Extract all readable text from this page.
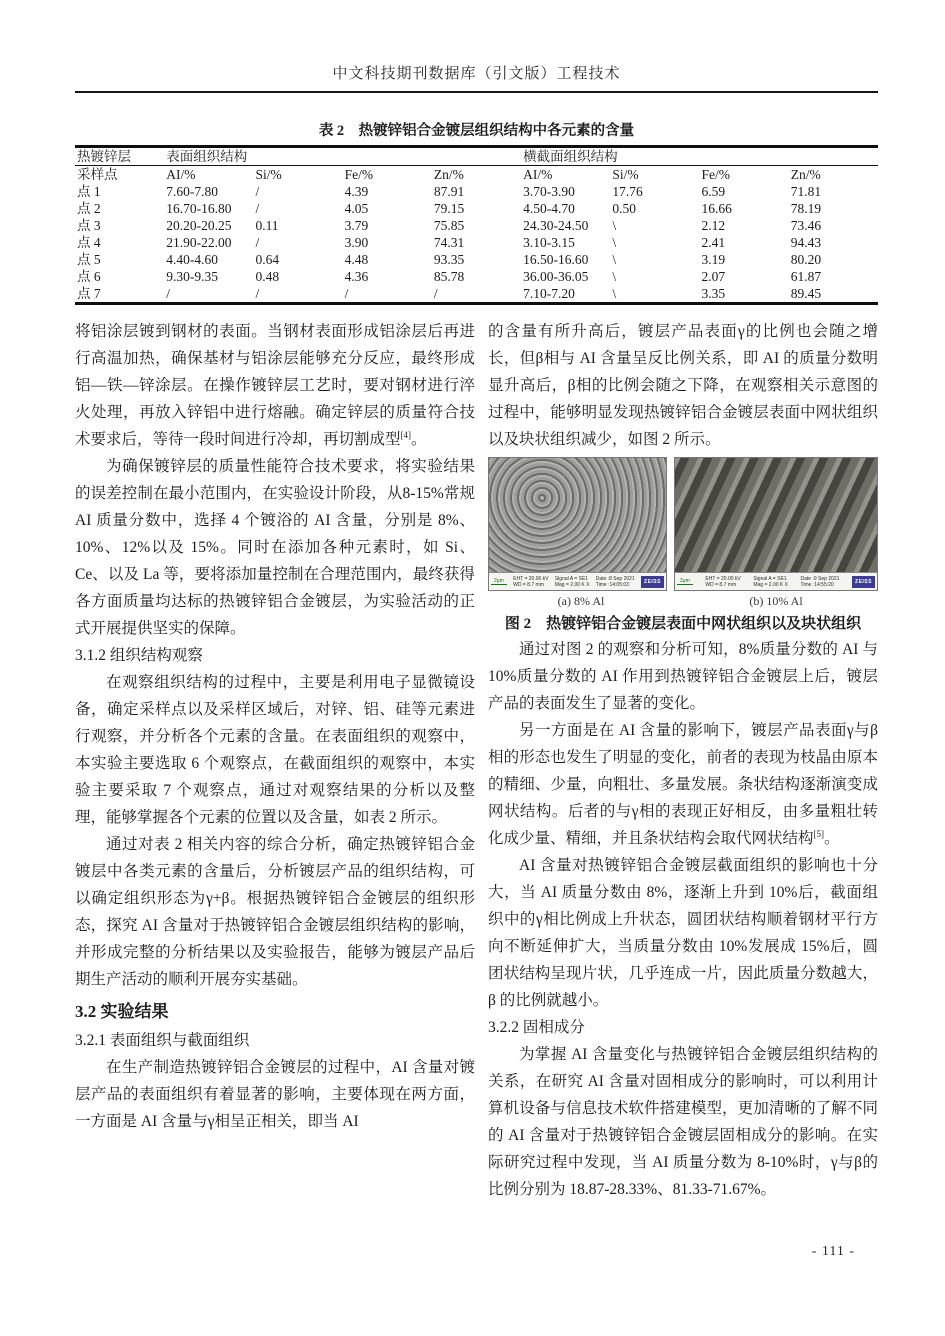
中文科技期刊数据库（引文版）工程技术
表 2　热镀锌铝合金镀层组织结构中各元素的含量
热镀锌层	表面组织结构				横截面组织结构			
采样点	AI/%	Si/%	Fe/%	Zn/%	AI/%	Si/%	Fe/%	Zn/%
点 1	7.60-7.80	/	4.39	87.91	3.70-3.90	17.76	6.59	71.81
点 2	16.70-16.80	/	4.05	79.15	4.50-4.70	0.50	16.66	78.19
点 3	20.20-20.25	0.11	3.79	75.85	24.30-24.50	\	2.12	73.46
点 4	21.90-22.00	/	3.90	74.31	3.10-3.15	\	2.41	94.43
点 5	4.40-4.60	0.64	4.48	93.35	16.50-16.60	\	3.19	80.20
点 6	9.30-9.35	0.48	4.36	85.78	36.00-36.05	\	2.07	61.87
点 7	/	/	/	/	7.10-7.20	\	3.35	89.45

将铝涂层镀到钢材的表面。当钢材表面形成铝涂层后再进行高温加热，确保基材与铝涂层能够充分反应，最终形成铝—铁—锌涂层。在操作镀锌层工艺时，要对钢材进行淬火处理，再放入锌铝中进行熔融。确定锌层的质量符合技术要求后，等待一段时间进行冷却，再切割成型[4]。

为确保镀锌层的质量性能符合技术要求，将实验结果的误差控制在最小范围内，在实验设计阶段，从8-15%常规 AI 质量分数中，选择 4 个镀浴的 AI 含量，分别是 8%、10%、12%以及 15%。同时在添加各种元素时，如 Si、Ce、以及 La 等，要将添加量控制在合理范围内，最终获得各方面质量均达标的热镀锌铝合金镀层，为实验活动的正式开展提供坚实的保障。

3.1.2 组织结构观察

在观察组织结构的过程中，主要是利用电子显微镜设备，确定采样点以及采样区域后，对锌、铝、硅等元素进行观察，并分析各个元素的含量。在表面组织的观察中，本实验主要选取 6 个观察点，在截面组织的观察中，本实验主要采取 7 个观察点，通过对观察结果的分析以及整理，能够掌握各个元素的位置以及含量，如表 2 所示。

通过对表 2 相关内容的综合分析，确定热镀锌铝合金镀层中各类元素的含量后，分析镀层产品的组织结构，可以确定组织形态为γ+β。根据热镀锌铝合金镀层的组织形态，探究 AI 含量对于热镀锌铝合金镀层组织结构的影响，并形成完整的分析结果以及实验报告，能够为镀层产品后期生产活动的顺利开展夯实基础。

3.2 实验结果
3.2.1 表面组织与截面组织

在生产制造热镀锌铝合金镀层的过程中，AI 含量对镀层产品的表面组织有着显著的影响，主要体现在两方面，一方面是 AI 含量与γ相呈正相关，即当 AI

的含量有所升高后，镀层产品表面γ的比例也会随之增长，但β相与 AI 含量呈反比例关系，即 AI 的质量分数明显升高后，β相的比例会随之下降，在观察相关示意图的过程中，能够明显发现热镀锌铝合金镀层表面中网状组织以及块状组织减少，如图 2 所示。

2μm	EHT = 20.00 kV
WD = 8.7 mm
Signal A = SE1
Mag = 2.00 K X
Date :8 Sep 2021
Time :14:05:03	ZEISS	2μm	EHT = 20.00 kV
WD = 8.7 mm
Signal A = SE1
Mag = 2.00 K X
Date :9 Sep 2021
Time :14:55:20	ZEISS
(a) 8% Al	(b) 10% Al
图 2　热镀锌铝合金镀层表面中网状组织以及块状组织

通过对图 2 的观察和分析可知，8%质量分数的 AI 与 10%质量分数的 AI 作用到热镀锌铝合金镀层上后，镀层产品的表面发生了显著的变化。

另一方面是在 AI 含量的影响下，镀层产品表面γ与β相的形态也发生了明显的变化，前者的表现为枝晶由原本的精细、少量，向粗壮、多量发展。条状结构逐渐演变成网状结构。后者的与γ相的表现正好相反，由多量粗壮转化成少量、精细，并且条状结构会取代网状结构[5]。

AI 含量对热镀锌铝合金镀层截面组织的影响也十分大，当 AI 质量分数由 8%，逐渐上升到 10%后，截面组织中的γ相比例成上升状态，圆团状结构顺着钢材平行方向不断延伸扩大，当质量分数由 10%发展成 15%后，圆团状结构呈现片状，几乎连成一片，因此质量分数越大，β 的比例就越小。

3.2.2 固相成分

为掌握 AI 含量变化与热镀锌铝合金镀层组织结构的关系，在研究 AI 含量对固相成分的影响时，可以利用计算机设备与信息技术软件搭建模型，更加清晰的了解不同的 AI 含量对于热镀锌铝合金镀层固相成分的影响。在实际研究过程中发现，当 AI 质量分数为 8-10%时，γ与β的比例分别为 18.87-28.33%、81.33-71.67%。

- 111 -
